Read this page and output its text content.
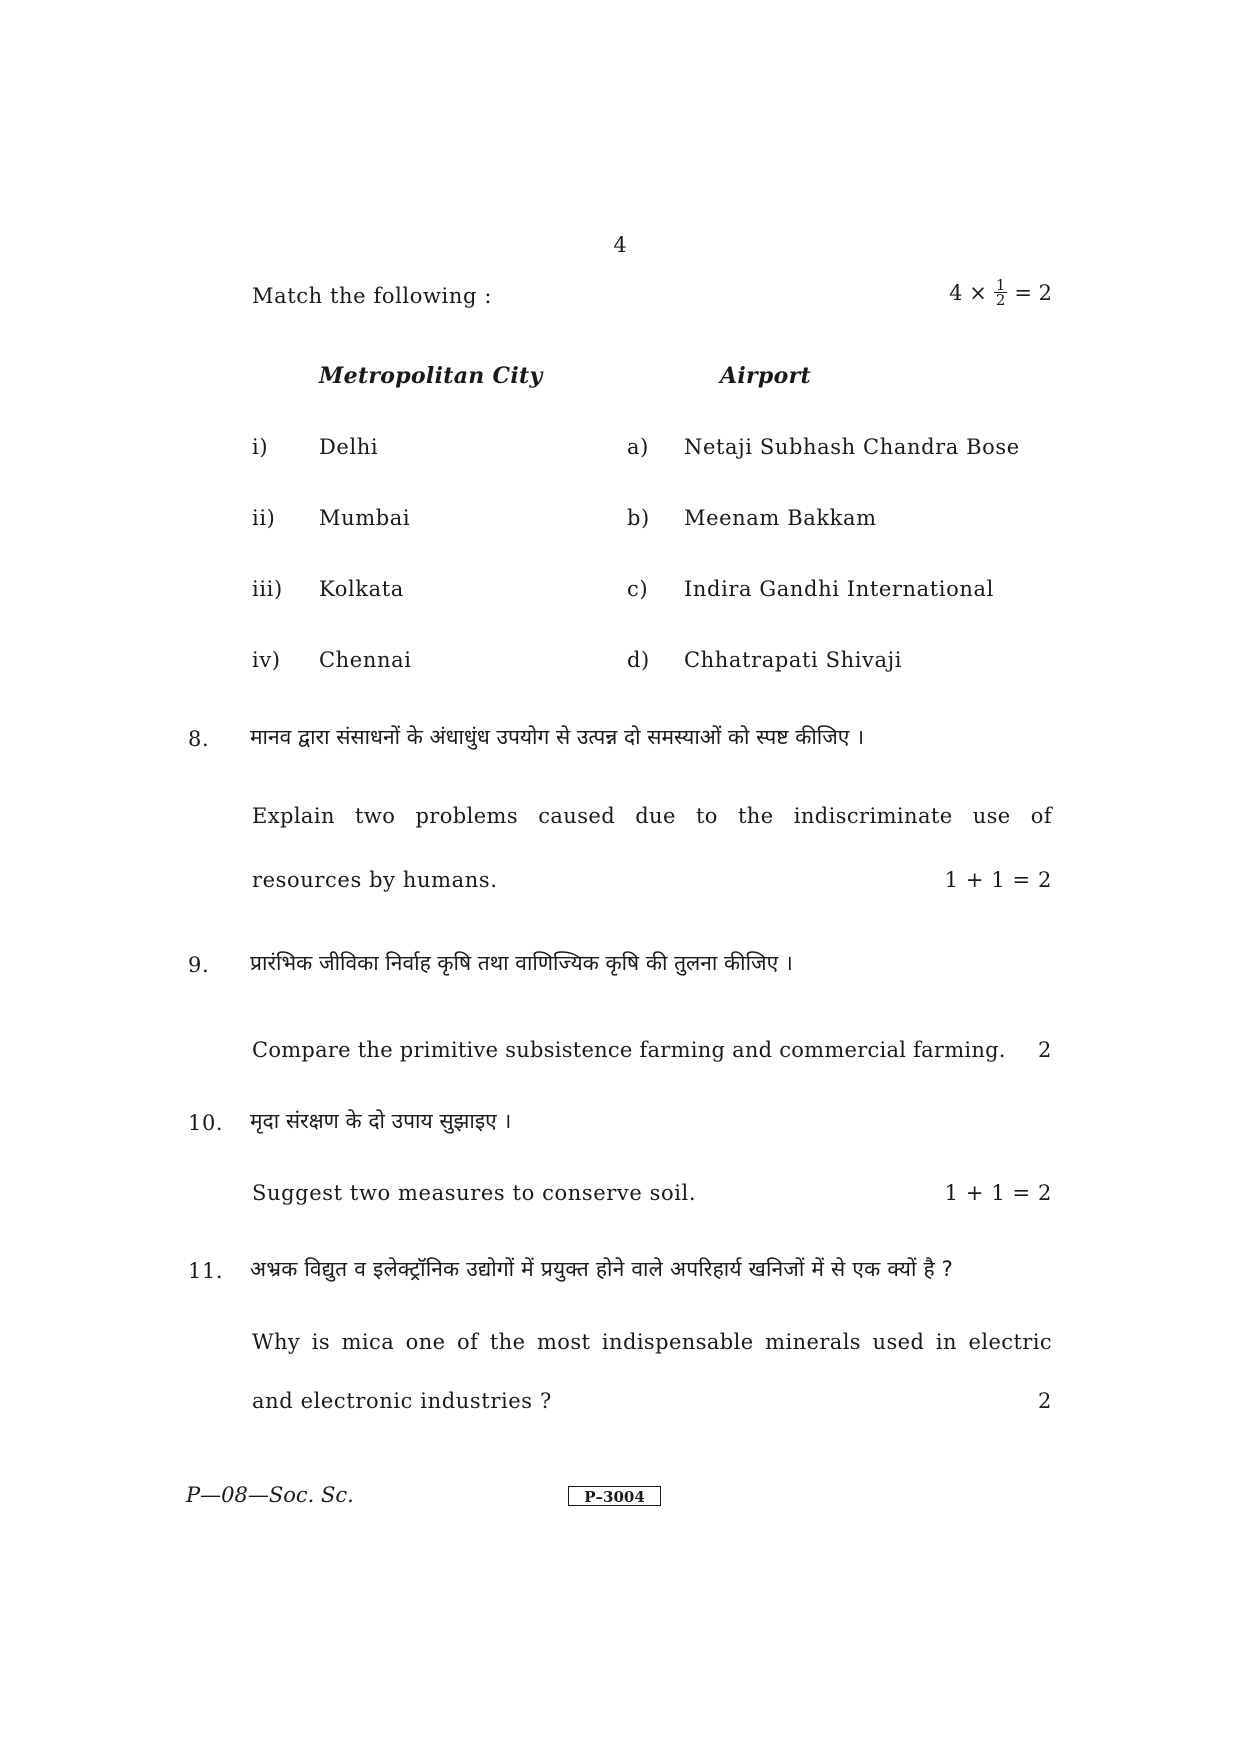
4
Match the following :	$4 \times \frac{1}{2} = 2$
Metropolitan City	Airport
i) Delhi	a) Netaji Subhash Chandra Bose
ii) Mumbai	b) Meenam Bakkam
iii) Kolkata	c) Indira Gandhi International
iv) Chennai	d) Chhatrapati Shivaji
8. मानव द्वारा संसाधनों के अंधाधुंध उपयोग से उत्पन्न दो समस्याओं को स्पष्ट कीजिए ।
Explain two problems caused due to the indiscriminate use of
resources by humans.	1 + 1 = 2
9. प्रारंभिक जीविका निर्वाह कृषि तथा वाणिज्यिक कृषि की तुलना कीजिए ।
Compare the primitive subsistence farming and commercial farming. 2
10. मृदा संरक्षण के दो उपाय सुझाइए ।
Suggest two measures to conserve soil.	1 + 1 = 2
11. अभ्रक विद्युत व इलेक्ट्रॉनिक उद्योगों में प्रयुक्त होने वाले अपरिहार्य खनिजों में से एक क्यों है ?
Why is mica one of the most indispensable minerals used in electric
and electronic industries ?	2
P—08—Soc. Sc.	P–3004
